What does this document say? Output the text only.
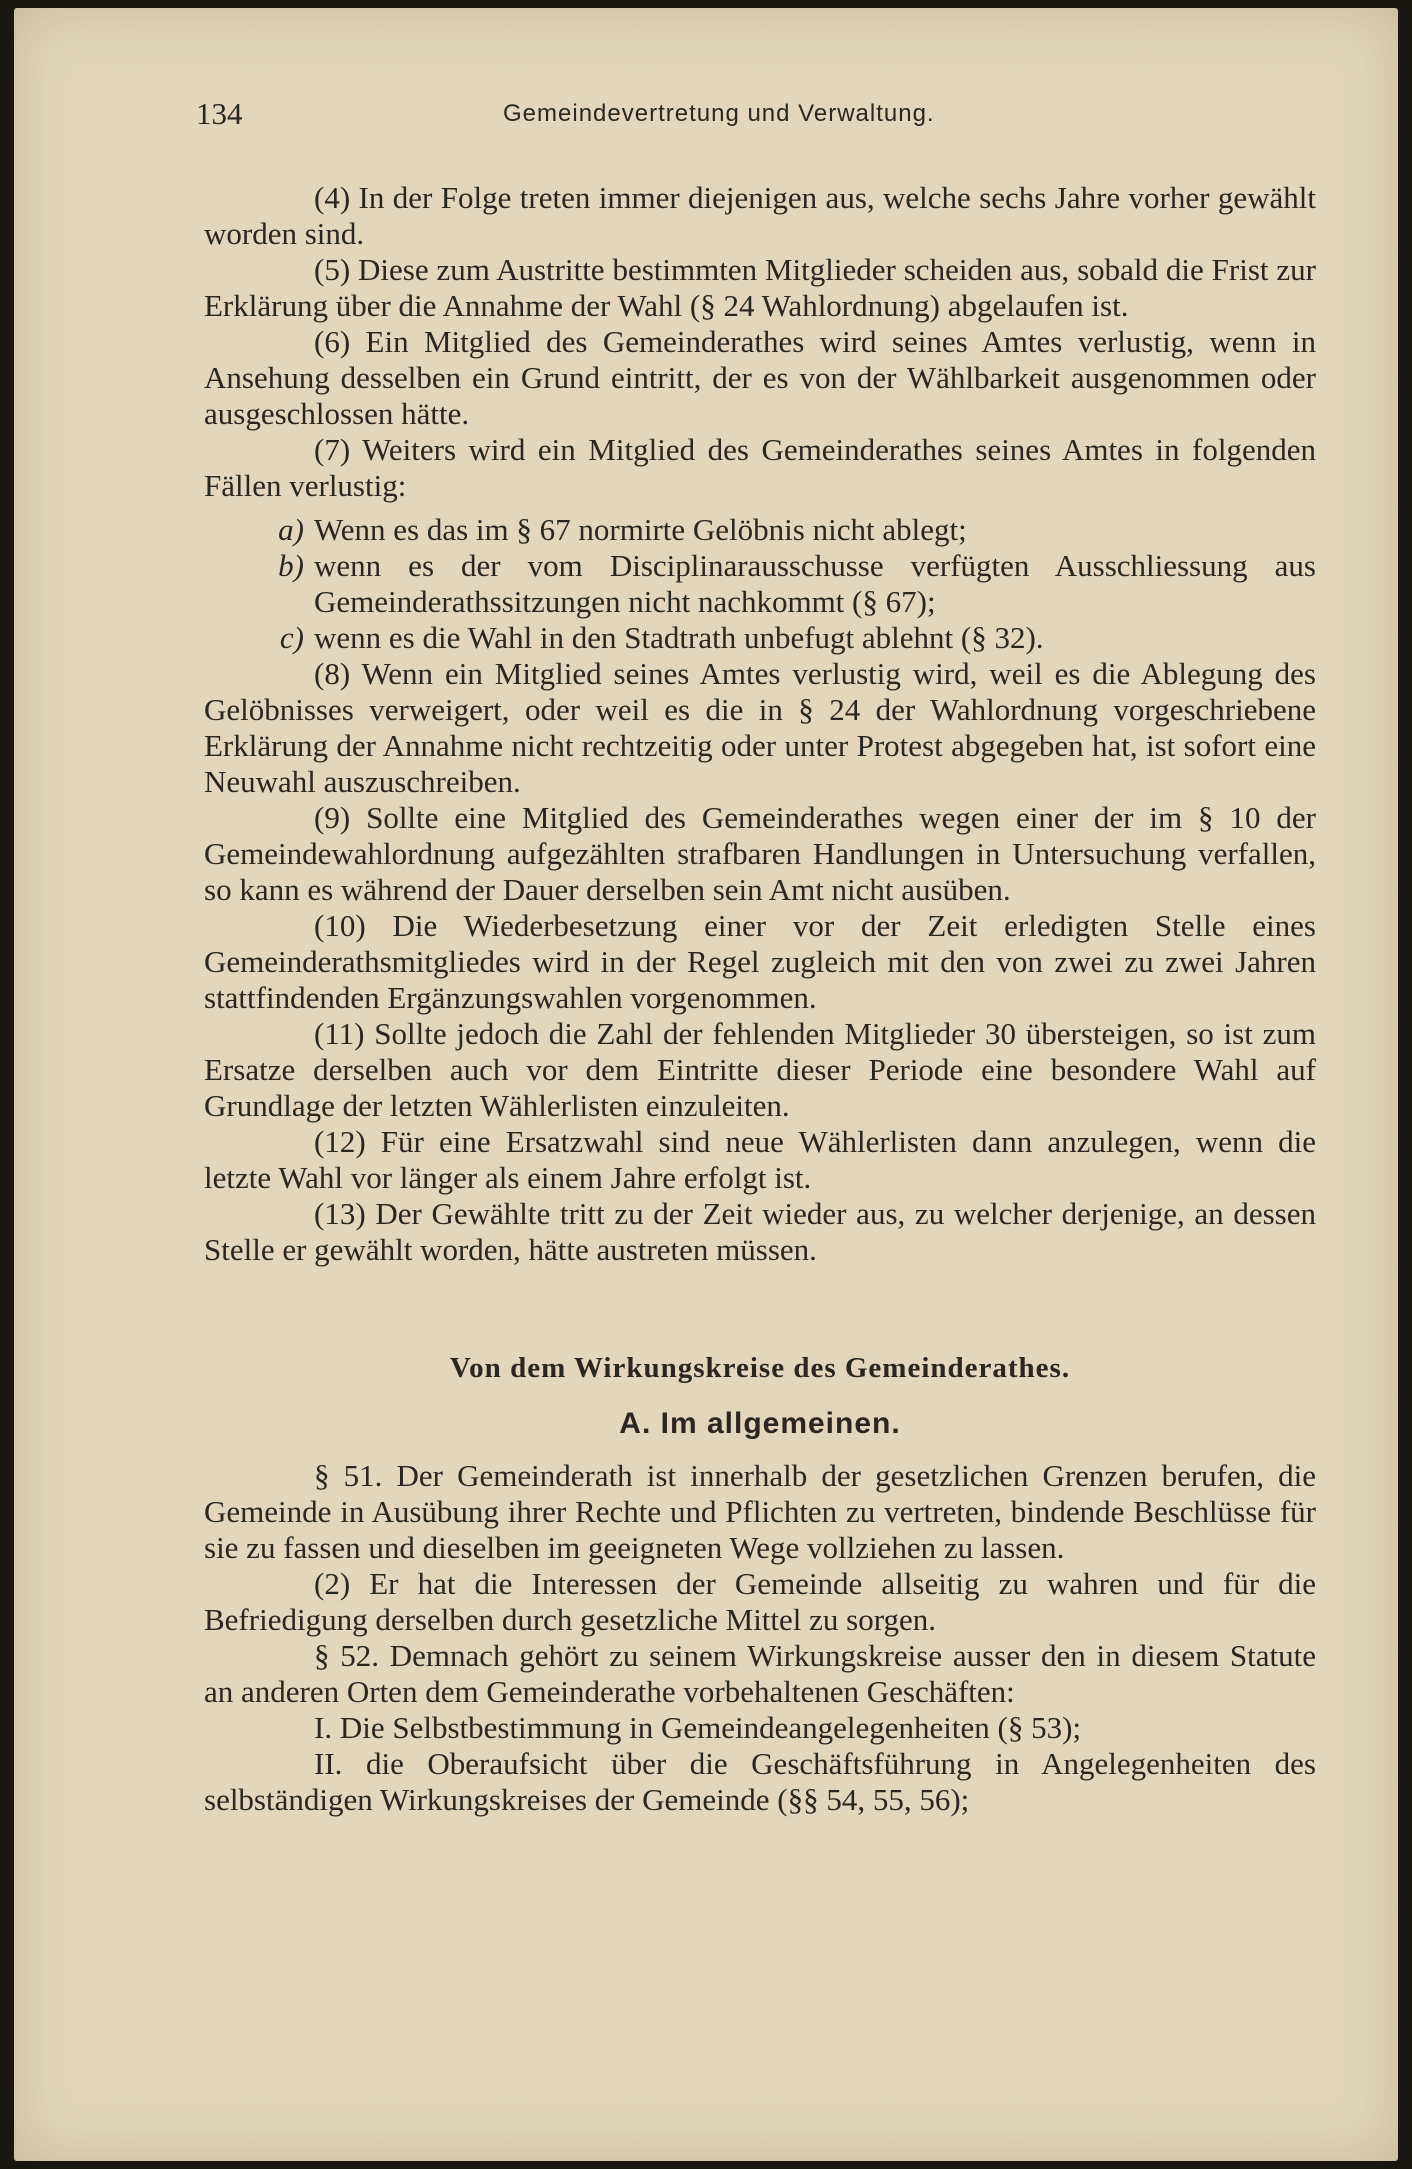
134	Gemeindevertretung und Verwaltung.

(4) In der Folge treten immer diejenigen aus, welche sechs Jahre vorher gewählt worden sind.

(5) Diese zum Austritte bestimmten Mitglieder scheiden aus, sobald die Frist zur Erklärung über die Annahme der Wahl (§ 24 Wahlordnung) abgelaufen ist.

(6) Ein Mitglied des Gemeinderathes wird seines Amtes verlustig, wenn in Ansehung desselben ein Grund eintritt, der es von der Wählbarkeit ausgenommen oder ausgeschlossen hätte.

(7) Weiters wird ein Mitglied des Gemeinderathes seines Amtes in folgenden Fällen verlustig:

a) Wenn es das im § 67 normirte Gelöbnis nicht ablegt;
b) wenn es der vom Disciplinarausschusse verfügten Ausschliessung aus Gemeinderathssitzungen nicht nachkommt (§ 67);
c) wenn es die Wahl in den Stadtrath unbefugt ablehnt (§ 32).

(8) Wenn ein Mitglied seines Amtes verlustig wird, weil es die Ablegung des Gelöbnisses verweigert, oder weil es die in § 24 der Wahlordnung vorgeschriebene Erklärung der Annahme nicht rechtzeitig oder unter Protest abgegeben hat, ist sofort eine Neuwahl auszuschreiben.

(9) Sollte eine Mitglied des Gemeinderathes wegen einer der im § 10 der Gemeindewahlordnung aufgezählten strafbaren Handlungen in Untersuchung verfallen, so kann es während der Dauer derselben sein Amt nicht ausüben.

(10) Die Wiederbesetzung einer vor der Zeit erledigten Stelle eines Gemeinderathsmitgliedes wird in der Regel zugleich mit den von zwei zu zwei Jahren stattfindenden Ergänzungswahlen vorgenommen.

(11) Sollte jedoch die Zahl der fehlenden Mitglieder 30 übersteigen, so ist zum Ersatze derselben auch vor dem Eintritte dieser Periode eine besondere Wahl auf Grundlage der letzten Wählerlisten einzuleiten.

(12) Für eine Ersatzwahl sind neue Wählerlisten dann anzulegen, wenn die letzte Wahl vor länger als einem Jahre erfolgt ist.

(13) Der Gewählte tritt zu der Zeit wieder aus, zu welcher derjenige, an dessen Stelle er gewählt worden, hätte austreten müssen.

Von dem Wirkungskreise des Gemeinderathes.
A. Im allgemeinen.

§ 51. Der Gemeinderath ist innerhalb der gesetzlichen Grenzen berufen, die Gemeinde in Ausübung ihrer Rechte und Pflichten zu vertreten, bindende Beschlüsse für sie zu fassen und dieselben im geeigneten Wege vollziehen zu lassen.

(2) Er hat die Interessen der Gemeinde allseitig zu wahren und für die Befriedigung derselben durch gesetzliche Mittel zu sorgen.

§ 52. Demnach gehört zu seinem Wirkungskreise ausser den in diesem Statute an anderen Orten dem Gemeinderathe vorbehaltenen Geschäften:

I. Die Selbstbestimmung in Gemeindeangelegenheiten (§ 53);

II. die Oberaufsicht über die Geschäftsführung in Angelegenheiten des selbständigen Wirkungskreises der Gemeinde (§§ 54, 55, 56);
